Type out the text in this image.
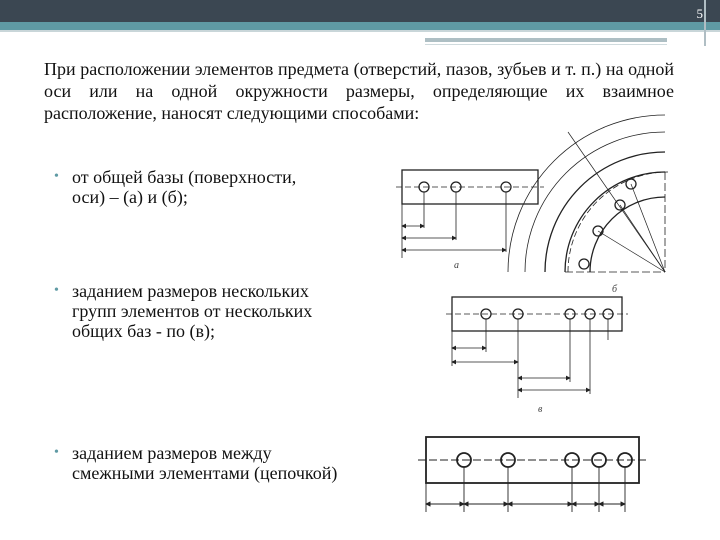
5
При расположении элементов предмета (отверстий, пазов, зубьев и т. п.) на одной оси или на одной окружности размеры, определяющие их взаимное расположение, наносят следующими способами:
• от общей базы (поверхности, оси) – (а) и (б);
• заданием размеров нескольких групп элементов от нескольких общих баз - по (в);
• заданием размеров между смежными элементами (цепочкой)
а
б
в
